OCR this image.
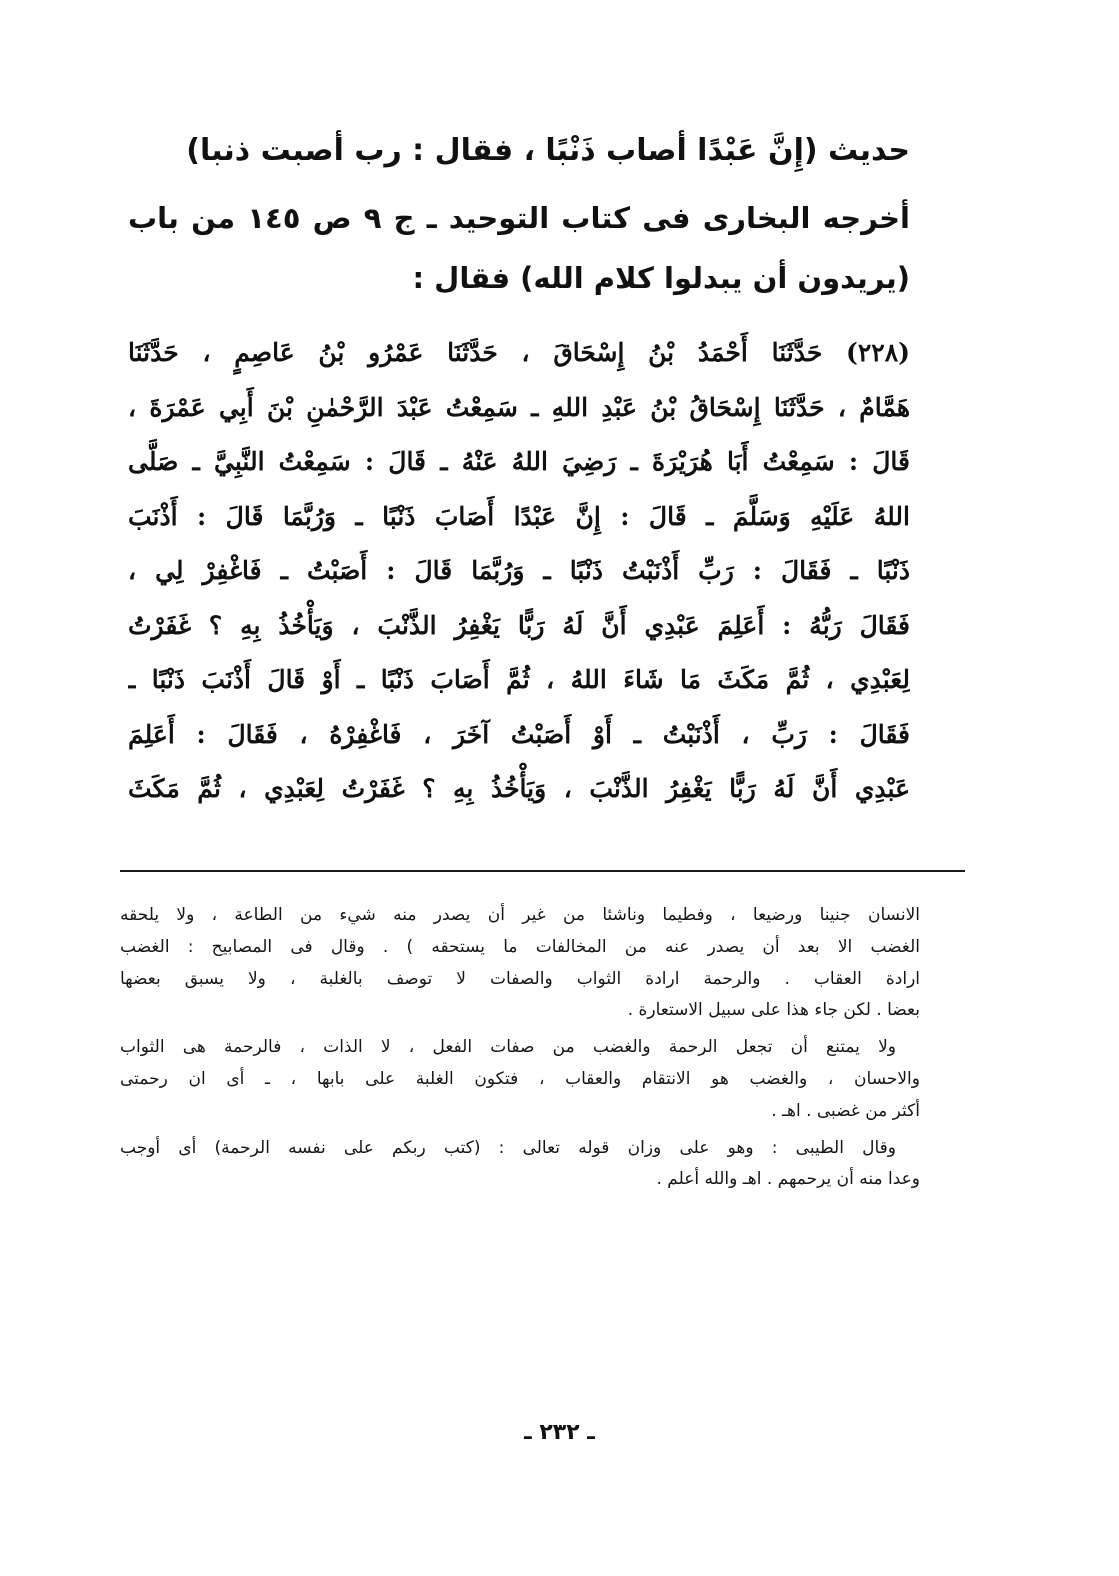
حديث (إِنَّ عَبْدًا أصاب ذَنْبًا ، فقال : رب أصبت ذنبا)
أخرجه البخارى فى كتاب التوحيد ـ ج ٩ ص ١٤٥ من باب
(يريدون أن يبدلوا كلام الله) فقال :
(٢٢٨) حَدَّثَنَا أَحْمَدُ بْنُ إِسْحَاقَ ، حَدَّثَنَا عَمْرُو بْنُ عَاصِمٍ ، حَدَّثَنَا
هَمَّامٌ ، حَدَّثَنَا إِسْحَاقُ بْنُ عَبْدِ اللهِ ـ سَمِعْتُ عَبْدَ الرَّحْمٰنِ بْنَ أَبِي عَمْرَةَ ،
قَالَ : سَمِعْتُ أَبَا هُرَيْرَةَ ـ رَضِيَ اللهُ عَنْهُ ـ قَالَ : سَمِعْتُ النَّبِيَّ ـ صَلَّى
اللهُ عَلَيْهِ وَسَلَّمَ ـ قَالَ : إِنَّ عَبْدًا أَصَابَ ذَنْبًا ـ وَرُبَّمَا قَالَ : أَذْنَبَ
ذَنْبًا ـ فَقَالَ : رَبِّ أَذْنَبْتُ ذَنْبًا ـ وَرُبَّمَا قَالَ : أَصَبْتُ ـ فَاغْفِرْ لِي ،
فَقَالَ رَبُّهُ : أَعَلِمَ عَبْدِي أَنَّ لَهُ رَبًّا يَغْفِرُ الذَّنْبَ ، وَيَأْخُذُ بِهِ ؟ غَفَرْتُ
لِعَبْدِي ، ثُمَّ مَكَثَ مَا شَاءَ اللهُ ، ثُمَّ أَصَابَ ذَنْبًا ـ أَوْ قَالَ أَذْنَبَ ذَنْبًا ـ
فَقَالَ : رَبِّ ، أَذْنَبْتُ ـ أَوْ أَصَبْتُ آخَرَ ، فَاغْفِرْهُ ، فَقَالَ : أَعَلِمَ
عَبْدِي أَنَّ لَهُ رَبًّا يَغْفِرُ الذَّنْبَ ، وَيَأْخُذُ بِهِ ؟ غَفَرْتُ لِعَبْدِي ، ثُمَّ مَكَثَ
الانسان جنينا ورضيعا ، وفطيما وناشئا من غير أن يصدر منه شيء من الطاعة ، ولا يلحقه
الغضب الا بعد أن يصدر عنه من المخالفات ما يستحقه ) . وقال فى المصابيح : الغضب
ارادة العقاب . والرحمة ارادة الثواب والصفات لا توصف بالغلبة ، ولا يسبق بعضها
بعضا . لكن جاء هذا على سبيل الاستعارة .
ولا يمتنع أن تجعل الرحمة والغضب من صفات الفعل ، لا الذات ، فالرحمة هى الثواب
والاحسان ، والغضب هو الانتقام والعقاب ، فتكون الغلبة على بابها ، ـ أى ان رحمتى
أكثر من غضبى . اهـ .
وقال الطيبى : وهو على وزان قوله تعالى : (كتب ربكم على نفسه الرحمة) أى أوجب
وعدا منه أن يرحمهم . اهـ والله أعلم .
ـ ٢٣٢ ـ
